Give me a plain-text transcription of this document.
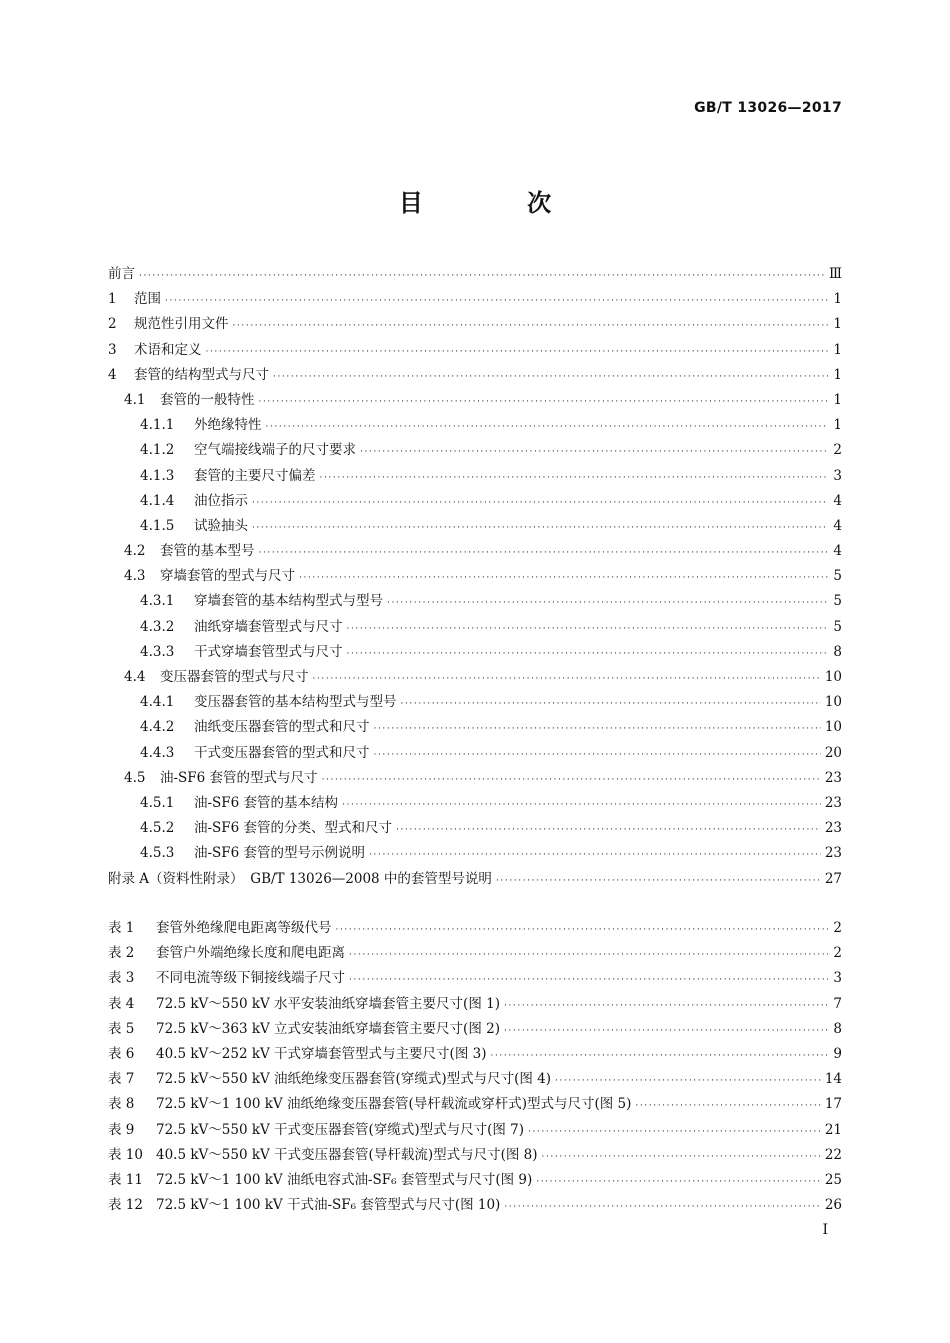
GB/T 13026—2017
目 次
前言 ·····	Ⅲ
1	范围 ·····	1
2	规范性引用文件 ·····	1
3	术语和定义 ·····	1
4	套管的结构型式与尺寸 ·····	1
4.1	套管的一般特性 ·····	1
4.1.1	外绝缘特性 ·····	1
4.1.2	空气端接线端子的尺寸要求 ·····	2
4.1.3	套管的主要尺寸偏差 ·····	3
4.1.4	油位指示 ·····	4
4.1.5	试验抽头 ·····	4
4.2	套管的基本型号 ·····	4
4.3	穿墙套管的型式与尺寸 ·····	5
4.3.1	穿墙套管的基本结构型式与型号 ·····	5
4.3.2	油纸穿墙套管型式与尺寸 ·····	5
4.3.3	干式穿墙套管型式与尺寸 ·····	8
4.4	变压器套管的型式与尺寸 ·····	10
4.4.1	变压器套管的基本结构型式与型号 ·····	10
4.4.2	油纸变压器套管的型式和尺寸 ·····	10
4.4.3	干式变压器套管的型式和尺寸 ·····	20
4.5	油-SF6 套管的型式与尺寸 ·····	23
4.5.1	油-SF6 套管的基本结构 ·····	23
4.5.2	油-SF6 套管的分类、型式和尺寸 ·····	23
4.5.3	油-SF6 套管的型号示例说明 ·····	23
附录 A（资料性附录）　GB/T 13026—2008 中的套管型号说明 ·····	27
表 1	套管外绝缘爬电距离等级代号 ·····	2
表 2	套管户外端绝缘长度和爬电距离 ·····	2
表 3	不同电流等级下铜接线端子尺寸 ·····	3
表 4	72.5 kV～550 kV 水平安装油纸穿墙套管主要尺寸(图 1) ·····	7
表 5	72.5 kV～363 kV 立式安装油纸穿墙套管主要尺寸(图 2) ·····	8
表 6	40.5 kV～252 kV 干式穿墙套管型式与主要尺寸(图 3) ·····	9
表 7	72.5 kV～550 kV 油纸绝缘变压器套管(穿缆式)型式与尺寸(图 4) ·····	14
表 8	72.5 kV～1 100 kV 油纸绝缘变压器套管(导杆载流或穿杆式)型式与尺寸(图 5) ·····	17
表 9	72.5 kV～550 kV 干式变压器套管(穿缆式)型式与尺寸(图 7) ·····	21
表 10 40.5 kV～550 kV 干式变压器套管(导杆载流)型式与尺寸(图 8) ·····	22
表 11 72.5 kV～1 100 kV 油纸电容式油-SF₆ 套管型式与尺寸(图 9) ·····	25
表 12 72.5 kV～1 100 kV 干式油-SF₆ 套管型式与尺寸(图 10) ·····	26
I
